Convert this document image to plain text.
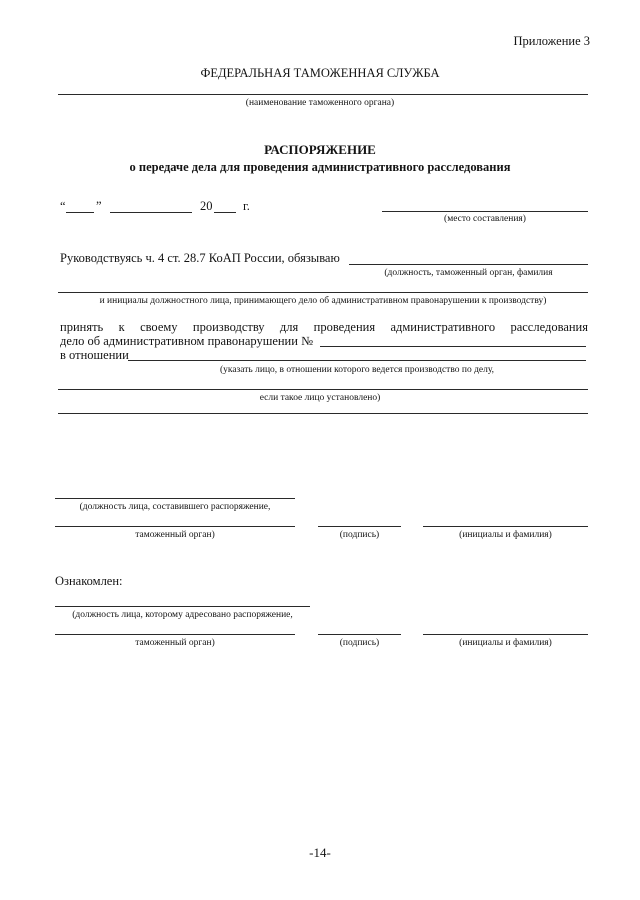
Приложение 3
ФЕДЕРАЛЬНАЯ ТАМОЖЕННАЯ СЛУЖБА
(наименование таможенного органа)
РАСПОРЯЖЕНИЕ
о передаче дела для проведения административного расследования
“ ”	20 г.
(место составления)
Руководствуясь ч. 4 ст. 28.7 КоАП России, обязываю
(должность, таможенный орган, фамилия
и инициалы должностного лица, принимающего дело об административном правонарушении к производству)
принять к своему производству для проведения административного расследования
дело об административном правонарушении №
в отношении
(указать лицо, в отношении которого ведется производство по делу,
если такое лицо установлено)
(должность лица, составившего распоряжение,
таможенный орган)	(подпись)	(инициалы и фамилия)
Ознакомлен:
(должность лица, которому адресовано распоряжение,
таможенный орган)	(подпись)	(инициалы и фамилия)
-14-
